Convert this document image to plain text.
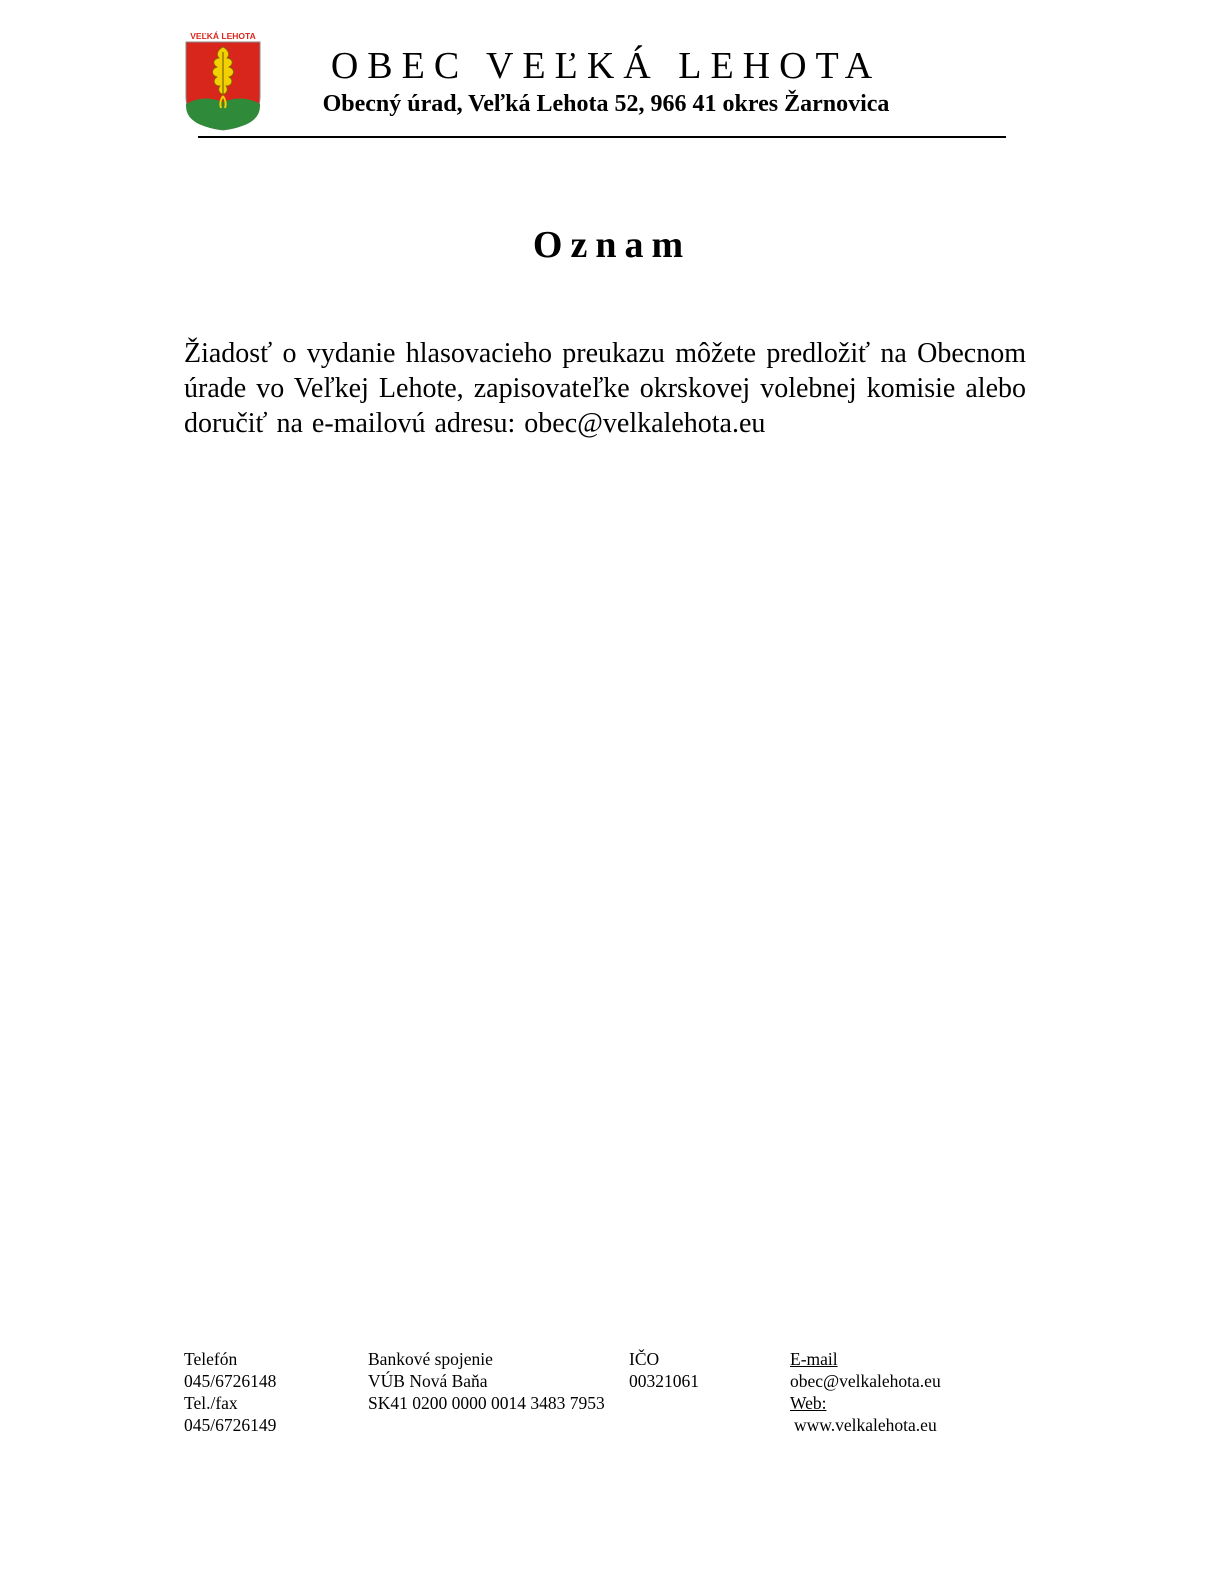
VEĽKÁ LEHOTA
OBEC VEĽKÁ LEHOTA
Obecný úrad, Veľká Lehota 52, 966 41 okres Žarnovica
Oznam
Žiadosť o vydanie hlasovacieho preukazu môžete predložiť na Obecnom úrade vo Veľkej Lehote, zapisovateľke okrskovej volebnej komisie alebo doručiť na e-mailovú adresu: obec@velkalehota.eu
Telefón
045/6726148
Tel./fax
045/6726149
Bankové spojenie
VÚB Nová Baňa
SK41 0200 0000 0014 3483 7953
IČO
00321061
E-mail
obec@velkalehota.eu
Web:
www.velkalehota.eu
